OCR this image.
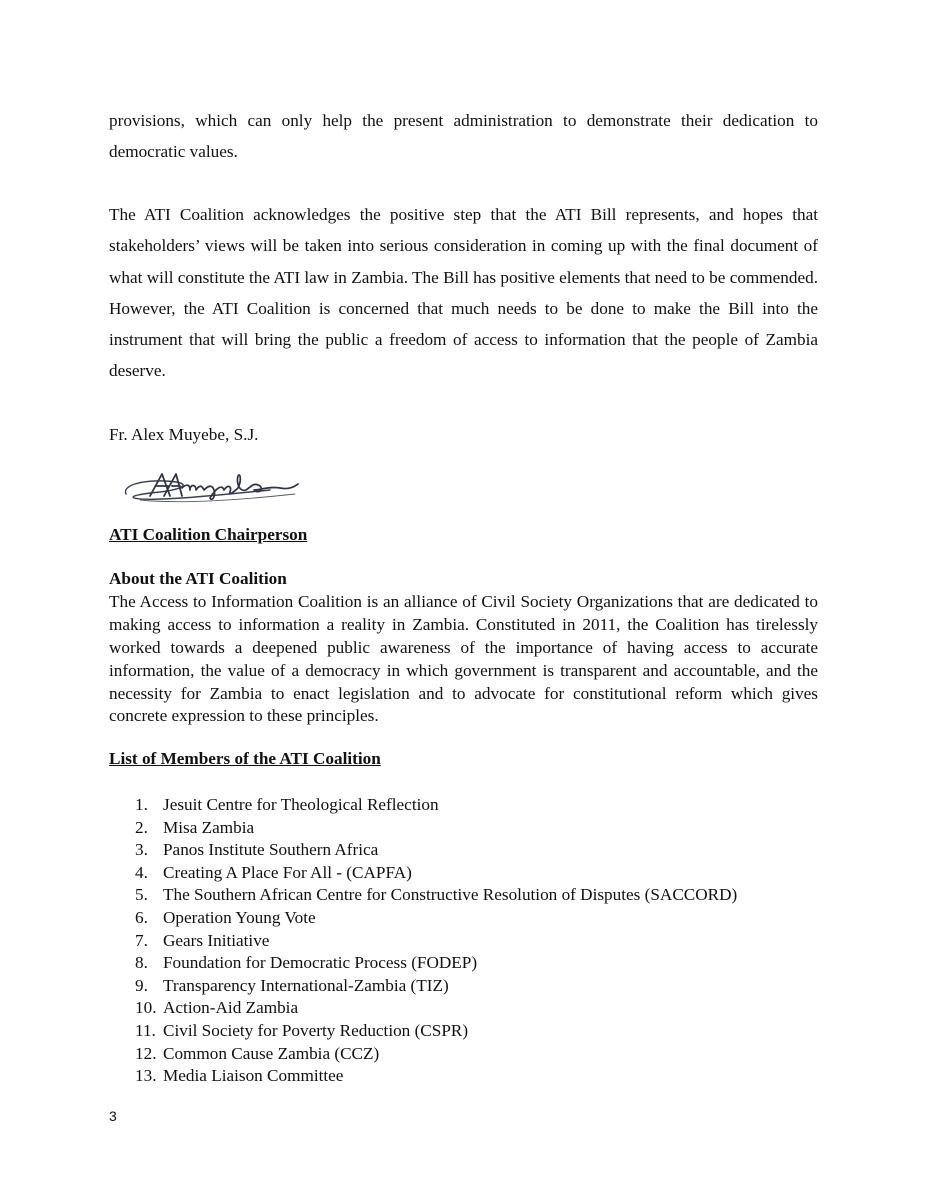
provisions, which can only help the present administration to demonstrate their dedication to democratic values.

The ATI Coalition acknowledges the positive step that the ATI Bill represents, and hopes that stakeholders’ views will be taken into serious consideration in coming up with the final document of what will constitute the ATI law in Zambia. The Bill has positive elements that need to be commended. However, the ATI Coalition is concerned that much needs to be done to make the Bill into the instrument that will bring the public a freedom of access to information that the people of Zambia deserve.

Fr. Alex Muyebe, S.J.

ATI Coalition Chairperson

About the ATI Coalition

The Access to Information Coalition is an alliance of Civil Society Organizations that are dedicated to making access to information a reality in Zambia. Constituted in 2011, the Coalition has tirelessly worked towards a deepened public awareness of the importance of having access to accurate information, the value of a democracy in which government is transparent and accountable, and the necessity for Zambia to enact legislation and to advocate for constitutional reform which gives concrete expression to these principles.

List of Members of the ATI Coalition

1. Jesuit Centre for Theological Reflection
2. Misa Zambia
3. Panos Institute Southern Africa
4. Creating A Place For All - (CAPFA)
5. The Southern African Centre for Constructive Resolution of Disputes (SACCORD)
6. Operation Young Vote
7. Gears Initiative
8. Foundation for Democratic Process (FODEP)
9. Transparency International-Zambia (TIZ)
10. Action-Aid Zambia
11. Civil Society for Poverty Reduction (CSPR)
12. Common Cause Zambia (CCZ)
13. Media Liaison Committee
3
